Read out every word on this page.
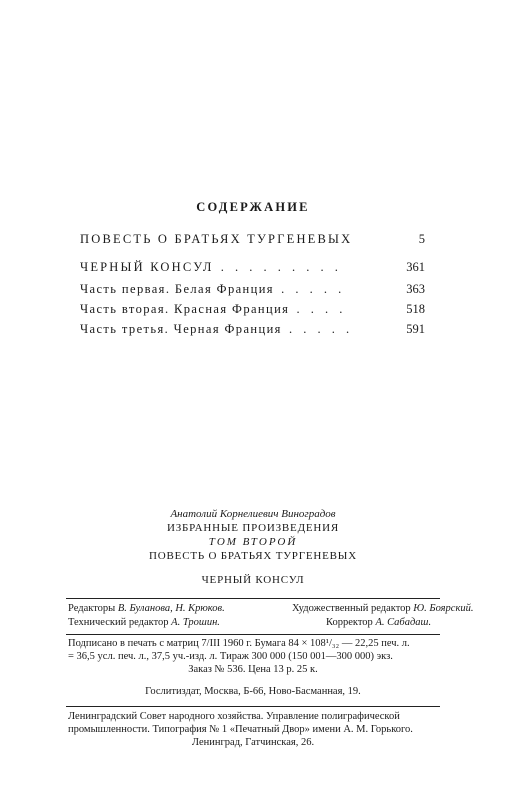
СОДЕРЖАНИЕ
ПОВЕСТЬ О БРАТЬЯХ ТУРГЕНЕВЫХ	5
ЧЕРНЫЙ КОНСУЛ . . . . . . . . .	361
Часть первая. Белая Франция . . . . .	363
Часть вторая. Красная Франция . . . .	518
Часть третья. Черная Франция . . . . .	591
Анатолий Корнелиевич Виноградов
ИЗБРАННЫЕ ПРОИЗВЕДЕНИЯ
ТОМ ВТОРОЙ
ПОВЕСТЬ О БРАТЬЯХ ТУРГЕНЕВЫХ
ЧЕРНЫЙ КОНСУЛ
Редакторы В. Буланова, Н. Крюков.	Художественный редактор Ю. Боярский.
Технический редактор А. Трошин.	Корректор А. Сабадаш.
Подписано в печать с матриц 7/III 1960 г. Бумага 84 × 108¹/₃₂ — 22,25 печ. л.
= 36,5 усл. печ. л., 37,5 уч.-изд. л. Тираж 300 000 (150 001—300 000) экз.
Заказ № 536. Цена 13 р. 25 к.
Гослитиздат, Москва, Б-66, Ново-Басманная, 19.
Ленинградский Совет народного хозяйства. Управление полиграфической
промышленности. Типография № 1 «Печатный Двор» имени А. М. Горького.
Ленинград, Гатчинская, 26.
